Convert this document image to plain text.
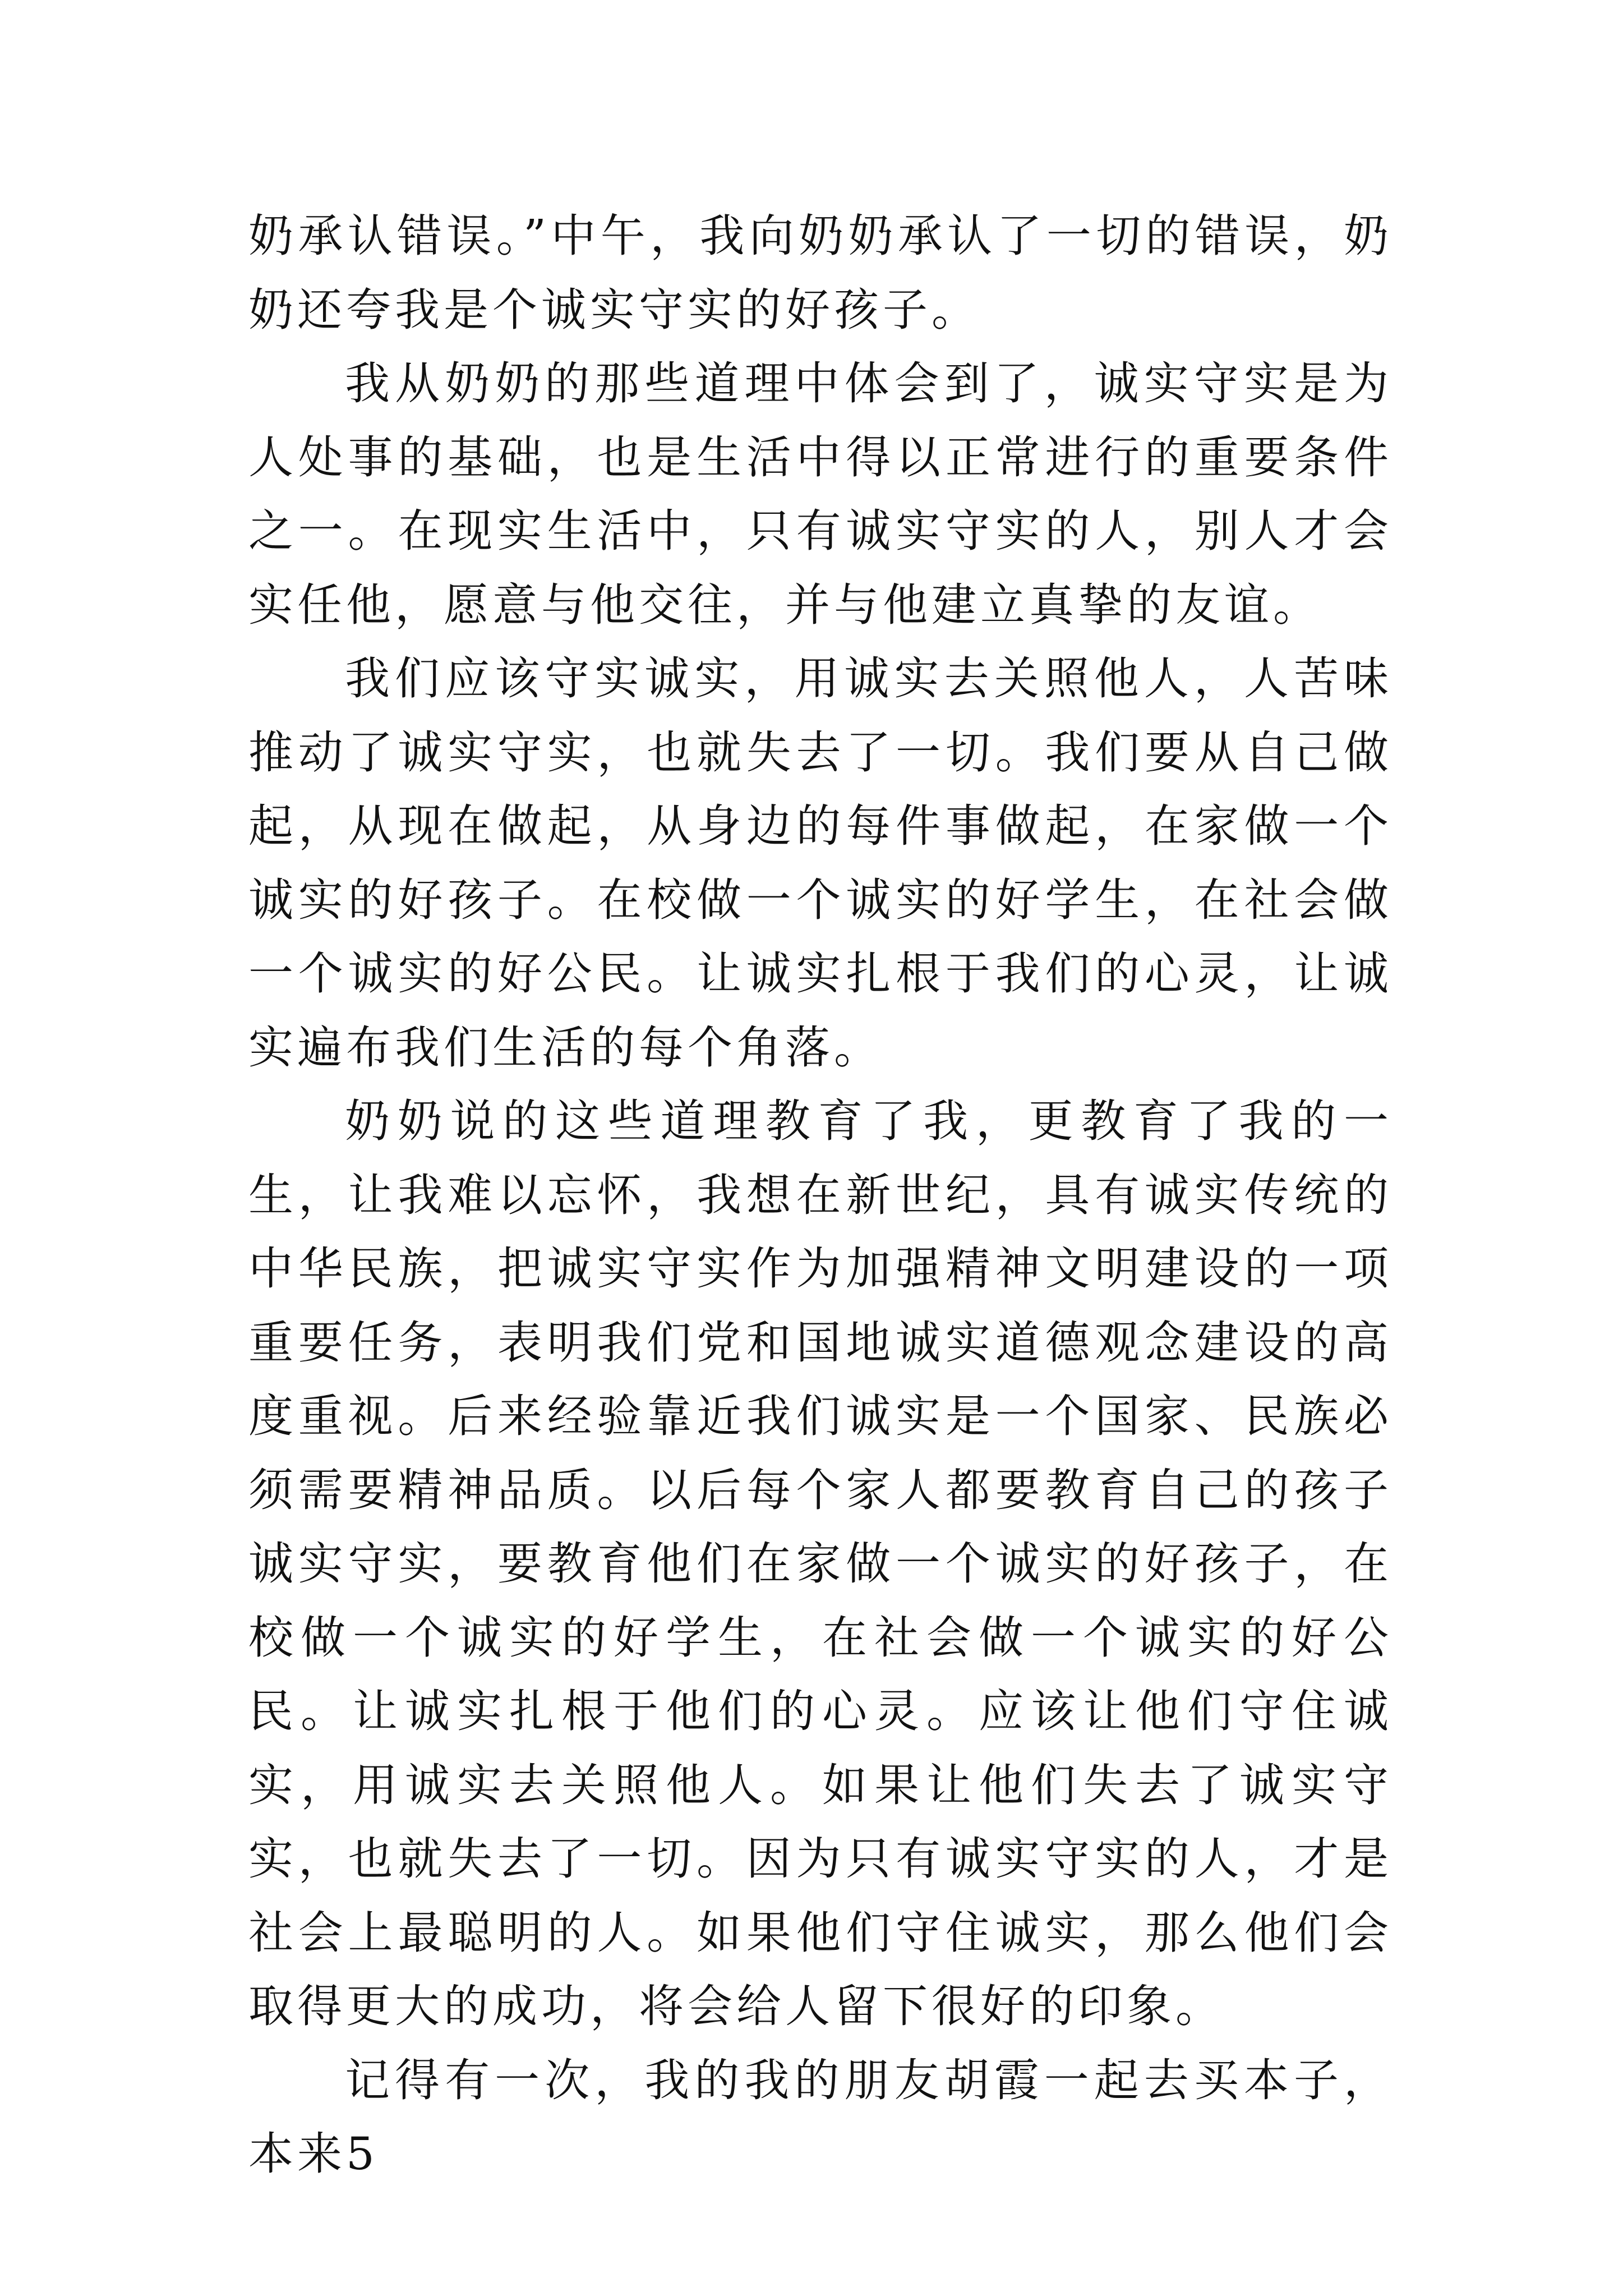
奶承认错误。”中午，我向奶奶承认了一切的错误，奶奶还夸我是个诚实守实的好孩子。

我从奶奶的那些道理中体会到了，诚实守实是为人处事的基础，也是生活中得以正常进行的重要条件之一。在现实生活中，只有诚实守实的人，别人才会实任他，愿意与他交往，并与他建立真挚的友谊。

我们应该守实诚实，用诚实去关照他人，人苦味推动了诚实守实，也就失去了一切。我们要从自己做起，从现在做起，从身边的每件事做起，在家做一个诚实的好孩子。在校做一个诚实的好学生，在社会做一个诚实的好公民。让诚实扎根于我们的心灵，让诚实遍布我们生活的每个角落。

奶奶说的这些道理教育了我，更教育了我的一生，让我难以忘怀，我想在新世纪，具有诚实传统的中华民族，把诚实守实作为加强精神文明建设的一项重要任务，表明我们党和国地诚实道德观念建设的高度重视。后来经验靠近我们诚实是一个国家、民族必须需要精神品质。以后每个家人都要教育自己的孩子诚实守实，要教育他们在家做一个诚实的好孩子，在校做一个诚实的好学生，在社会做一个诚实的好公民。让诚实扎根于他们的心灵。应该让他们守住诚实，用诚实去关照他人。如果让他们失去了诚实守实，也就失去了一切。因为只有诚实守实的人，才是社会上最聪明的人。如果他们守住诚实，那么他们会取得更大的成功，将会给人留下很好的印象。

记得有一次，我的我的朋友胡霞一起去买本子，本来5
